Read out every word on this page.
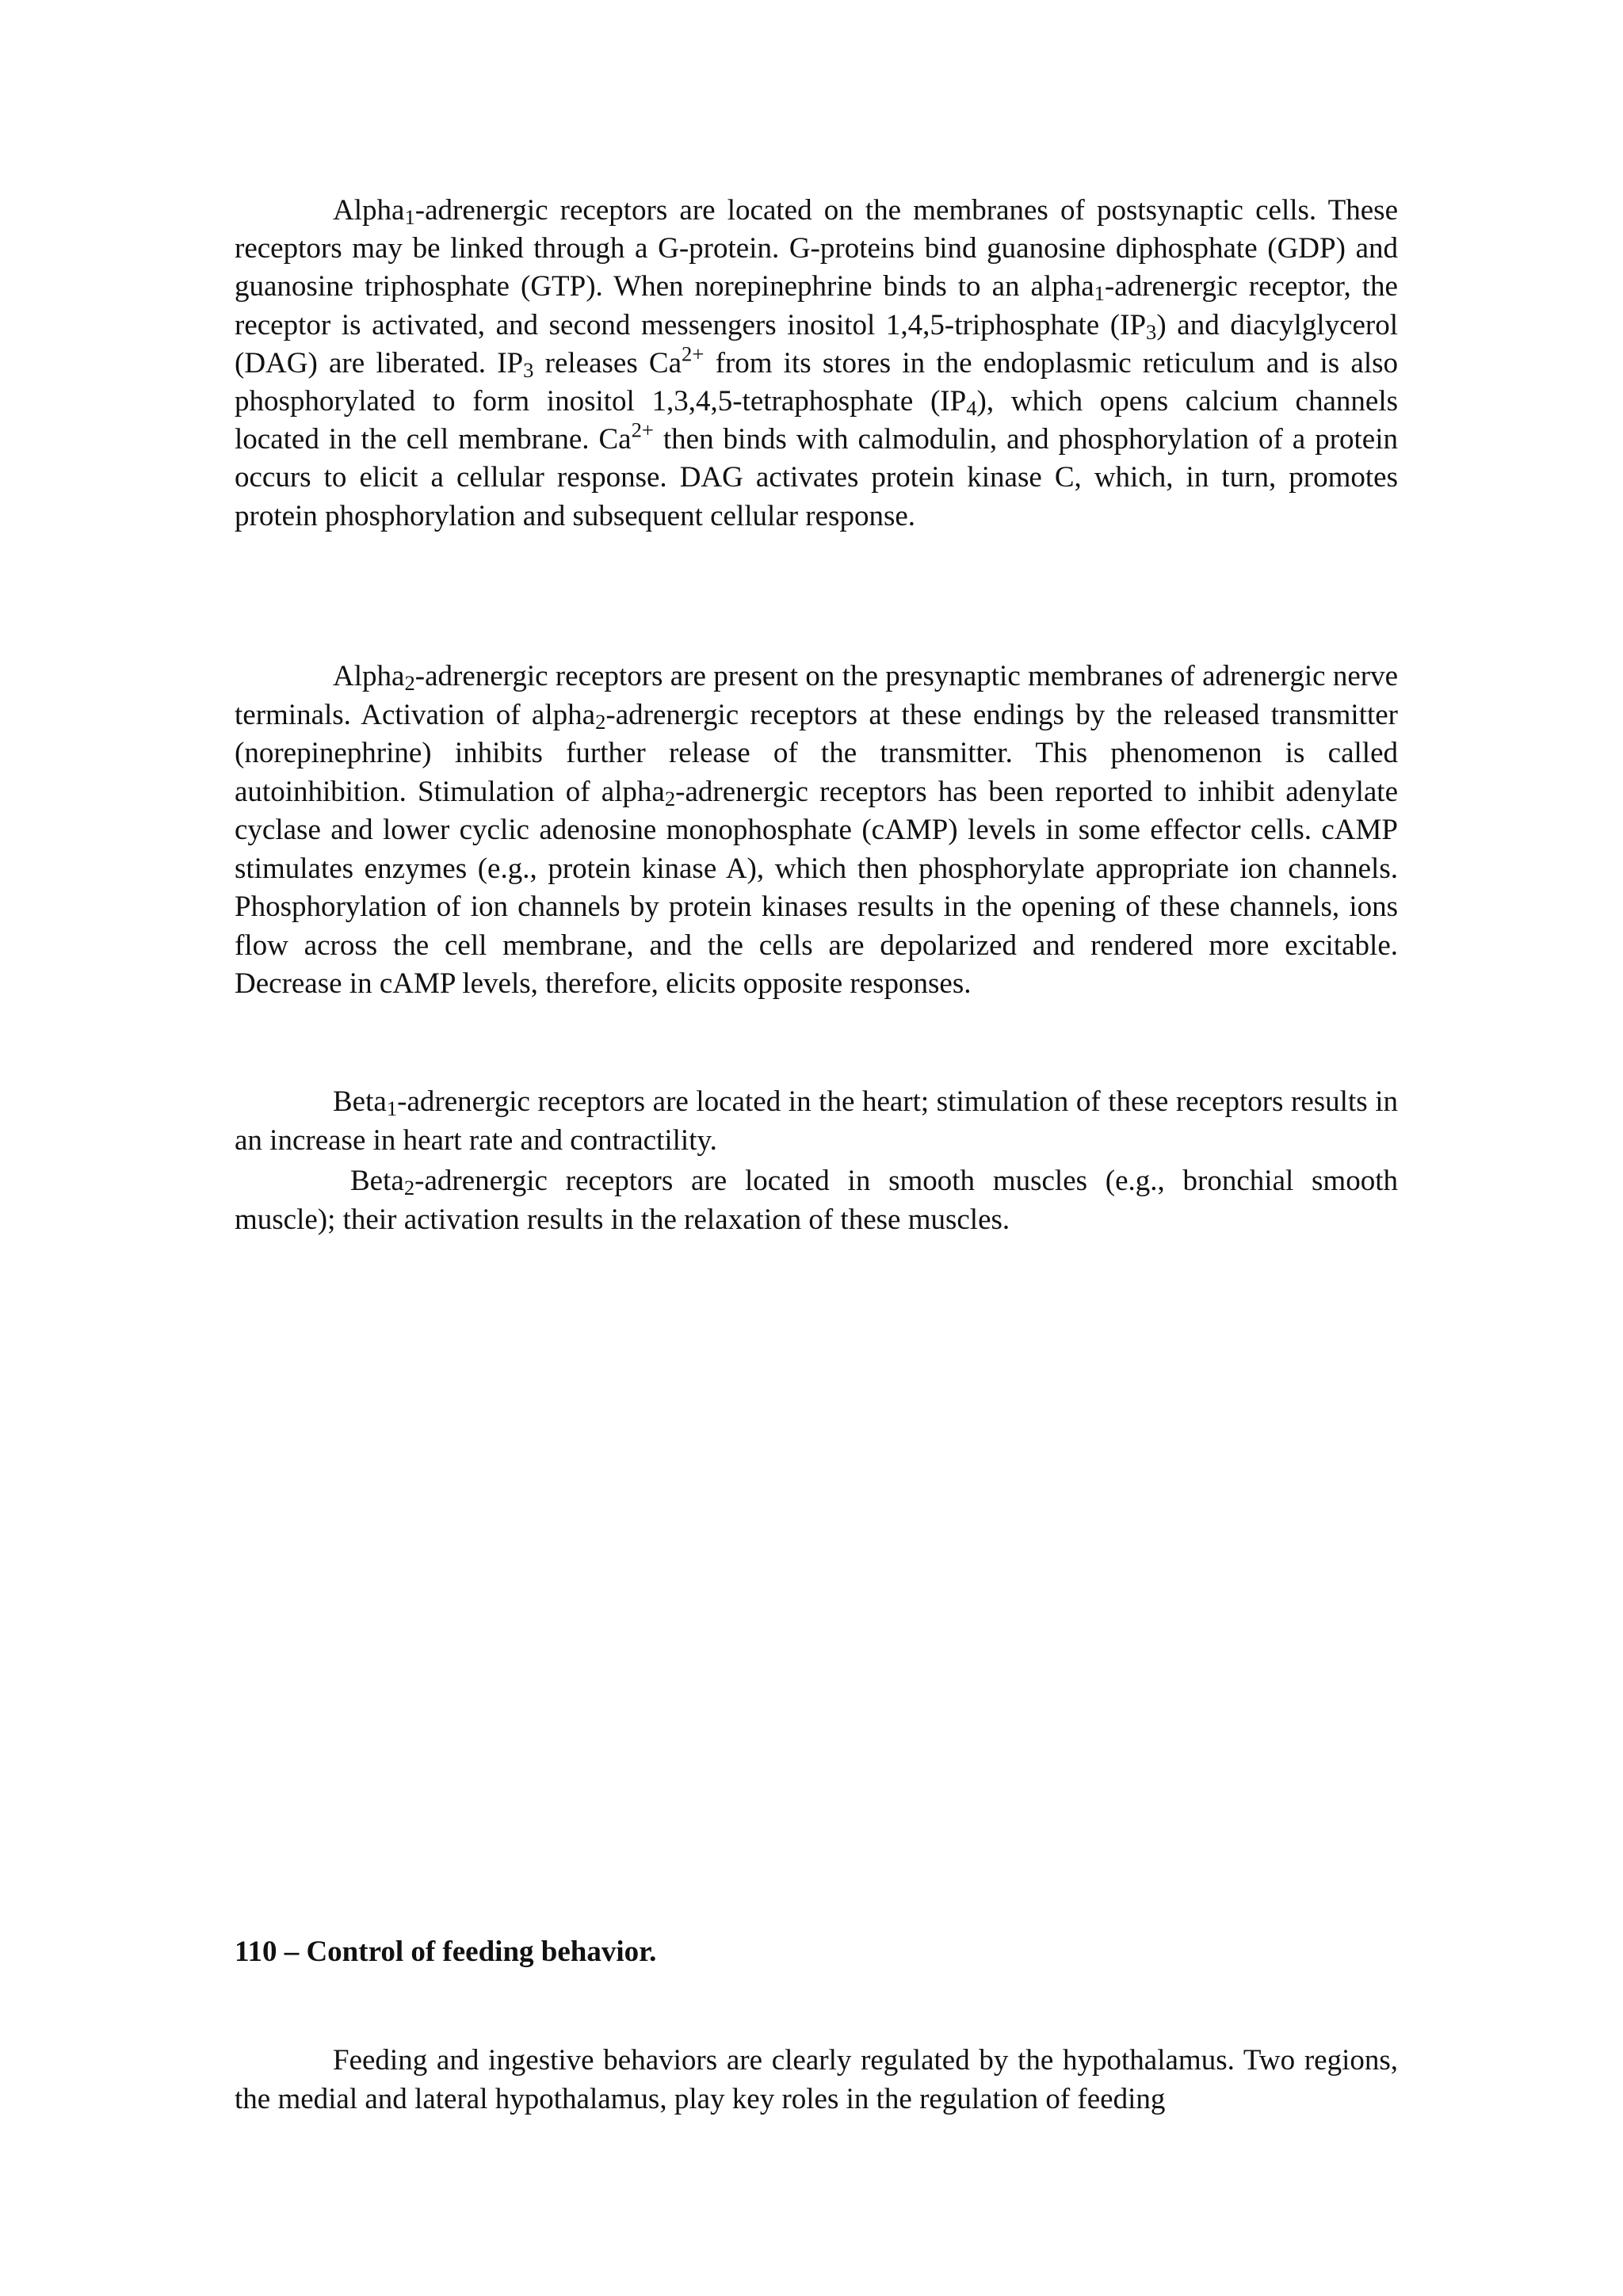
Alpha$_1$-adrenergic receptors are located on the membranes of postsynaptic cells. These receptors may be linked through a G-protein. G-proteins bind guanosine diphosphate (GDP) and guanosine triphosphate (GTP). When norepinephrine binds to an alpha$_1$-adrenergic receptor, the receptor is activated, and second messengers inositol 1,4,5-triphosphate $(IP_3)$ and diacylglycerol (DAG) are liberated. $IP_3$ releases $Ca^{2+}$ from its stores in the endoplasmic reticulum and is also phosphorylated to form inositol 1,3,4,5-tetraphosphate $(IP_4)$, which opens calcium channels located in the cell membrane. $Ca^{2+}$ then binds with calmodulin, and phosphorylation of a protein occurs to elicit a cellular response. DAG activates protein kinase C, which, in turn, promotes protein phosphorylation and subsequent cellular response.

Alpha$_2$-adrenergic receptors are present on the presynaptic membranes of adrenergic nerve terminals. Activation of alpha$_2$-adrenergic receptors at these endings by the released transmitter (norepinephrine) inhibits further release of the transmitter. This phenomenon is called autoinhibition. Stimulation of alpha$_2$-adrenergic receptors has been reported to inhibit adenylate cyclase and lower cyclic adenosine monophosphate (cAMP) levels in some effector cells. cAMP stimulates enzymes (e.g., protein kinase A), which then phosphorylate appropriate ion channels. Phosphorylation of ion channels by protein kinases results in the opening of these channels, ions flow across the cell membrane, and the cells are depolarized and rendered more excitable. Decrease in cAMP levels, therefore, elicits opposite responses.

Beta$_1$-adrenergic receptors are located in the heart; stimulation of these receptors results in an increase in heart rate and contractility.

Beta$_2$-adrenergic receptors are located in smooth muscles (e.g., bronchial smooth muscle); their activation results in the relaxation of these muscles.

110 – Control of feeding behavior.

Feeding and ingestive behaviors are clearly regulated by the hypothalamus. Two regions, the medial and lateral hypothalamus, play key roles in the regulation of feeding
